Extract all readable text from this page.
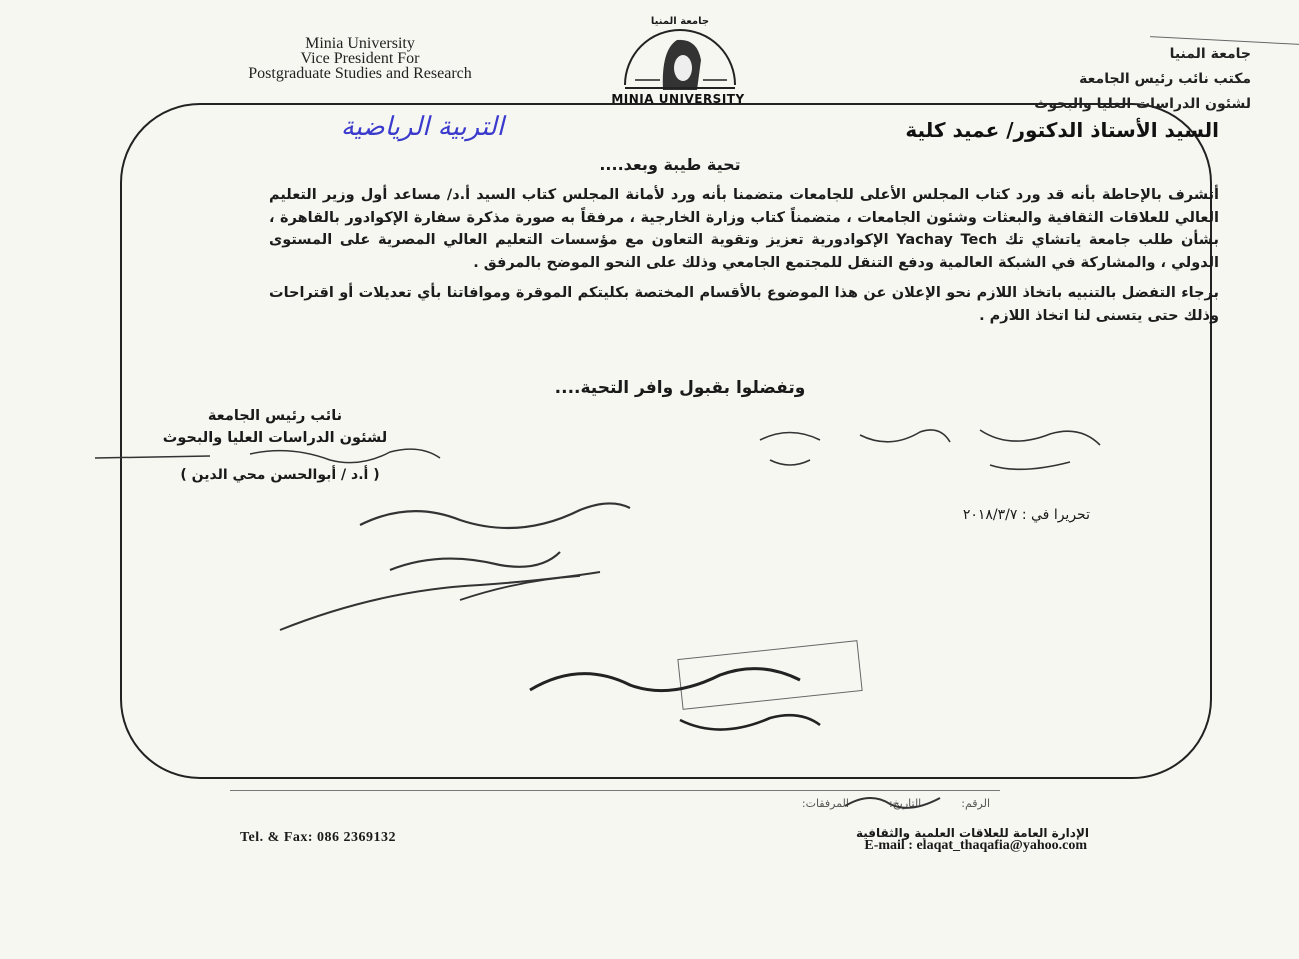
Minia University
Vice President For
Postgraduate Studies and Research
جامعة المنيا
MINIA UNIVERSITY
جامعة المنيا
مكتب نائب رئيس الجامعة
لشئون الدراسات العليا والبحوث
السيد الأستاذ الدكتور/ عميد كلية
التربية الرياضية
تحية طيبة وبعد....

أتشرف بالإحاطة بأنه قد ورد كتاب المجلس الأعلى للجامعات متضمنا بأنه ورد لأمانة المجلس كتاب السيد أ.د/ مساعد أول وزير التعليم العالي للعلاقات الثقافية والبعثات وشئون الجامعات ، متضمناً كتاب وزارة الخارجية ، مرفقاً به صورة مذكرة سفارة الإكوادور بالقاهرة ، بشأن طلب جامعة ياتشاي تك Yachay Tech الإكوادورية تعزيز وتقوية التعاون مع مؤسسات التعليم العالي المصرية على المستوى الدولي ، والمشاركة في الشبكة العالمية ودفع التنقل للمجتمع الجامعي وذلك على النحو الموضح بالمرفق .

برجاء التفضل بالتنبيه باتخاذ اللازم نحو الإعلان عن هذا الموضوع بالأقسام المختصة بكليتكم الموقرة وموافاتنا بأي تعديلات أو اقتراحات وذلك حتى يتسنى لنا اتخاذ اللازم .

وتفضلوا بقبول وافر التحية....
نائب رئيس الجامعة
لشئون الدراسات العليا والبحوث
( أ.د / أبوالحسن محي الدين )
تحريرا في : ٢٠١٨/٣/٧
الرقم:
التاريخ:
المرفقات:
Tel. & Fax: 086 2369132	الإدارة العامة للعلاقات العلمية والثقافية
E-mail : elaqat_thaqafia@yahoo.com
